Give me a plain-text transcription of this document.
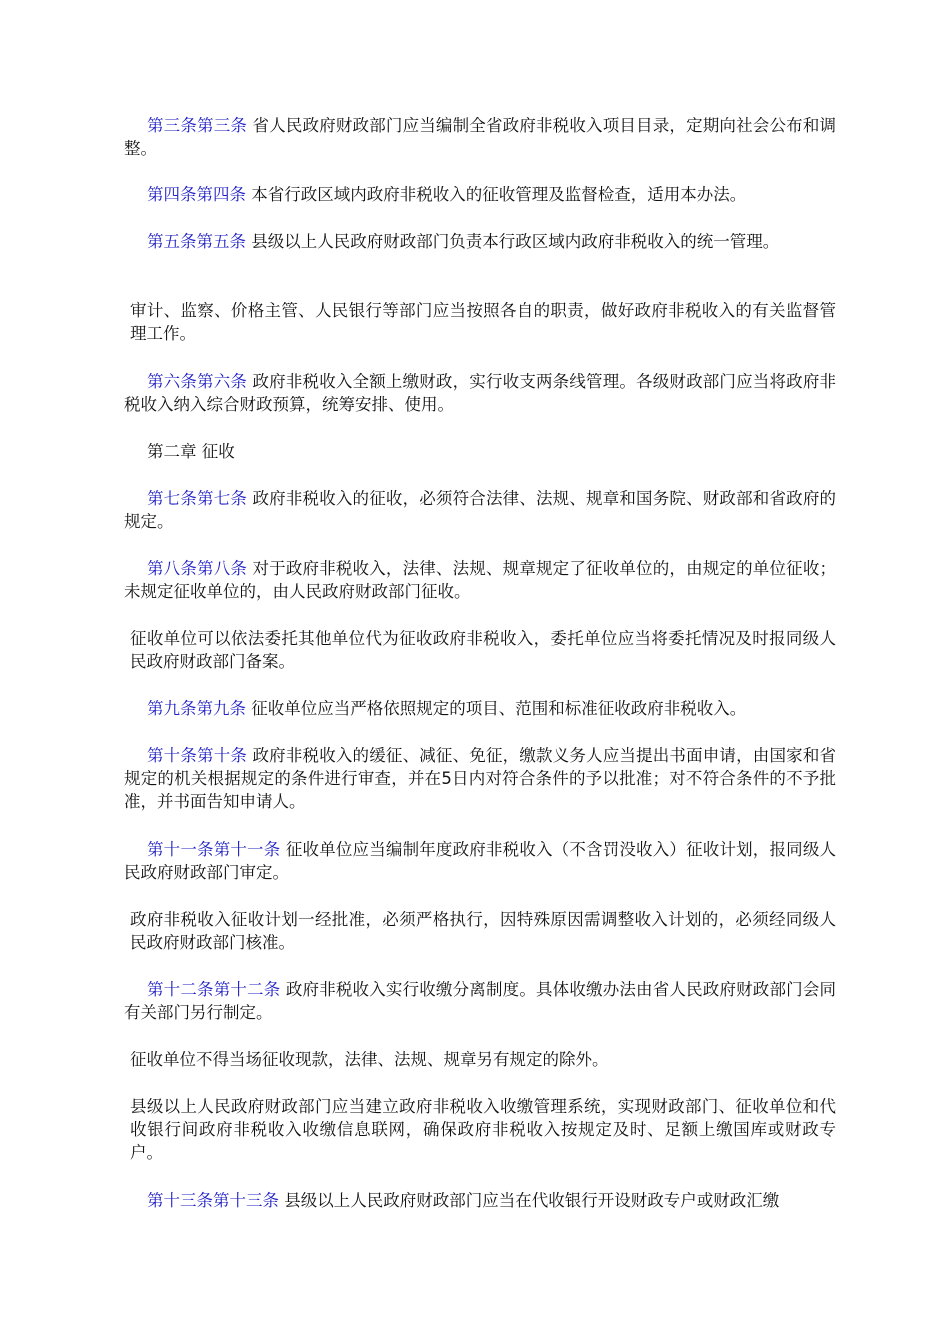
第三条第三条 省人民政府财政部门应当编制全省政府非税收入项目目录，定期向社会公布和调整。

第四条第四条 本省行政区域内政府非税收入的征收管理及监督检查，适用本办法。

第五条第五条 县级以上人民政府财政部门负责本行政区域内政府非税收入的统一管理。

审计、监察、价格主管、人民银行等部门应当按照各自的职责，做好政府非税收入的有关监督管理工作。

第六条第六条 政府非税收入全额上缴财政，实行收支两条线管理。各级财政部门应当将政府非税收入纳入综合财政预算，统筹安排、使用。

第二章 征收

第七条第七条 政府非税收入的征收，必须符合法律、法规、规章和国务院、财政部和省政府的规定。

第八条第八条 对于政府非税收入，法律、法规、规章规定了征收单位的，由规定的单位征收；未规定征收单位的，由人民政府财政部门征收。

征收单位可以依法委托其他单位代为征收政府非税收入，委托单位应当将委托情况及时报同级人民政府财政部门备案。

第九条第九条 征收单位应当严格依照规定的项目、范围和标准征收政府非税收入。

第十条第十条 政府非税收入的缓征、减征、免征，缴款义务人应当提出书面申请，由国家和省规定的机关根据规定的条件进行审查，并在5日内对符合条件的予以批准；对不符合条件的不予批准，并书面告知申请人。

第十一条第十一条 征收单位应当编制年度政府非税收入（不含罚没收入）征收计划，报同级人民政府财政部门审定。

政府非税收入征收计划一经批准，必须严格执行，因特殊原因需调整收入计划的，必须经同级人民政府财政部门核准。

第十二条第十二条 政府非税收入实行收缴分离制度。具体收缴办法由省人民政府财政部门会同有关部门另行制定。

征收单位不得当场征收现款，法律、法规、规章另有规定的除外。

县级以上人民政府财政部门应当建立政府非税收入收缴管理系统，实现财政部门、征收单位和代收银行间政府非税收入收缴信息联网，确保政府非税收入按规定及时、足额上缴国库或财政专户。

第十三条第十三条 县级以上人民政府财政部门应当在代收银行开设财政专户或财政汇缴
